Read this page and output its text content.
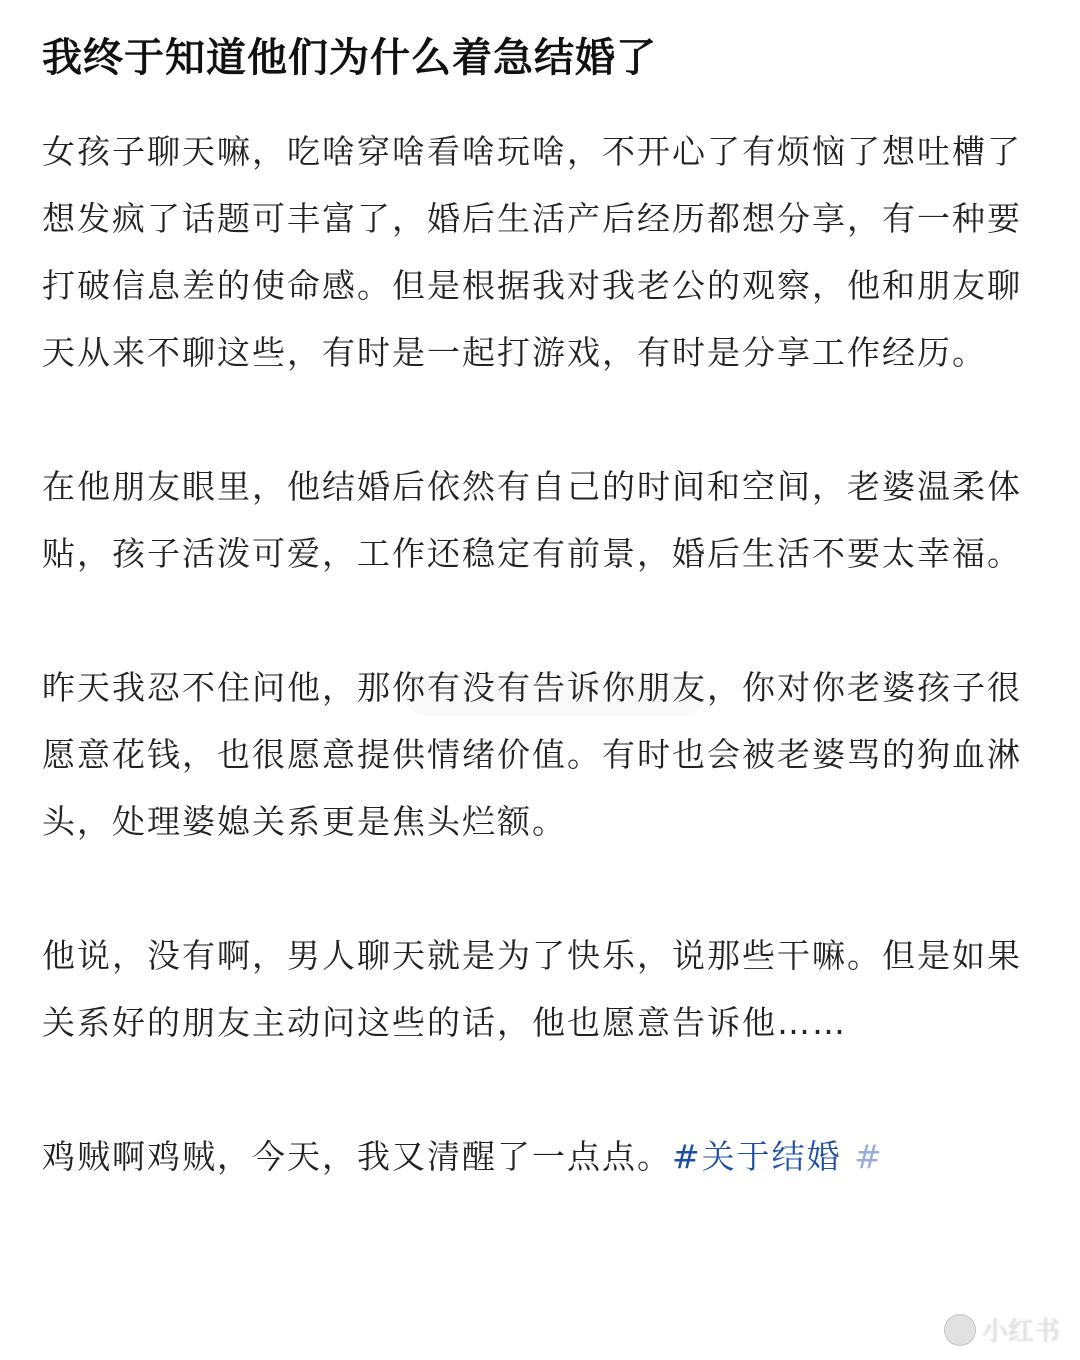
我终于知道他们为什么着急结婚了

女孩子聊天嘛，吃啥穿啥看啥玩啥，不开心了有烦恼了想吐槽了想发疯了话题可丰富了，婚后生活产后经历都想分享，有一种要打破信息差的使命感。但是根据我对我老公的观察，他和朋友聊天从来不聊这些，有时是一起打游戏，有时是分享工作经历。

在他朋友眼里，他结婚后依然有自己的时间和空间，老婆温柔体贴，孩子活泼可爱，工作还稳定有前景，婚后生活不要太幸福。

昨天我忍不住问他，那你有没有告诉你朋友，你对你老婆孩子很愿意花钱，也很愿意提供情绪价值。有时也会被老婆骂的狗血淋头，处理婆媳关系更是焦头烂额。

他说，没有啊，男人聊天就是为了快乐，说那些干嘛。但是如果关系好的朋友主动问这些的话，他也愿意告诉他……

鸡贼啊鸡贼，今天，我又清醒了一点点。#关于结婚 #

小红书
